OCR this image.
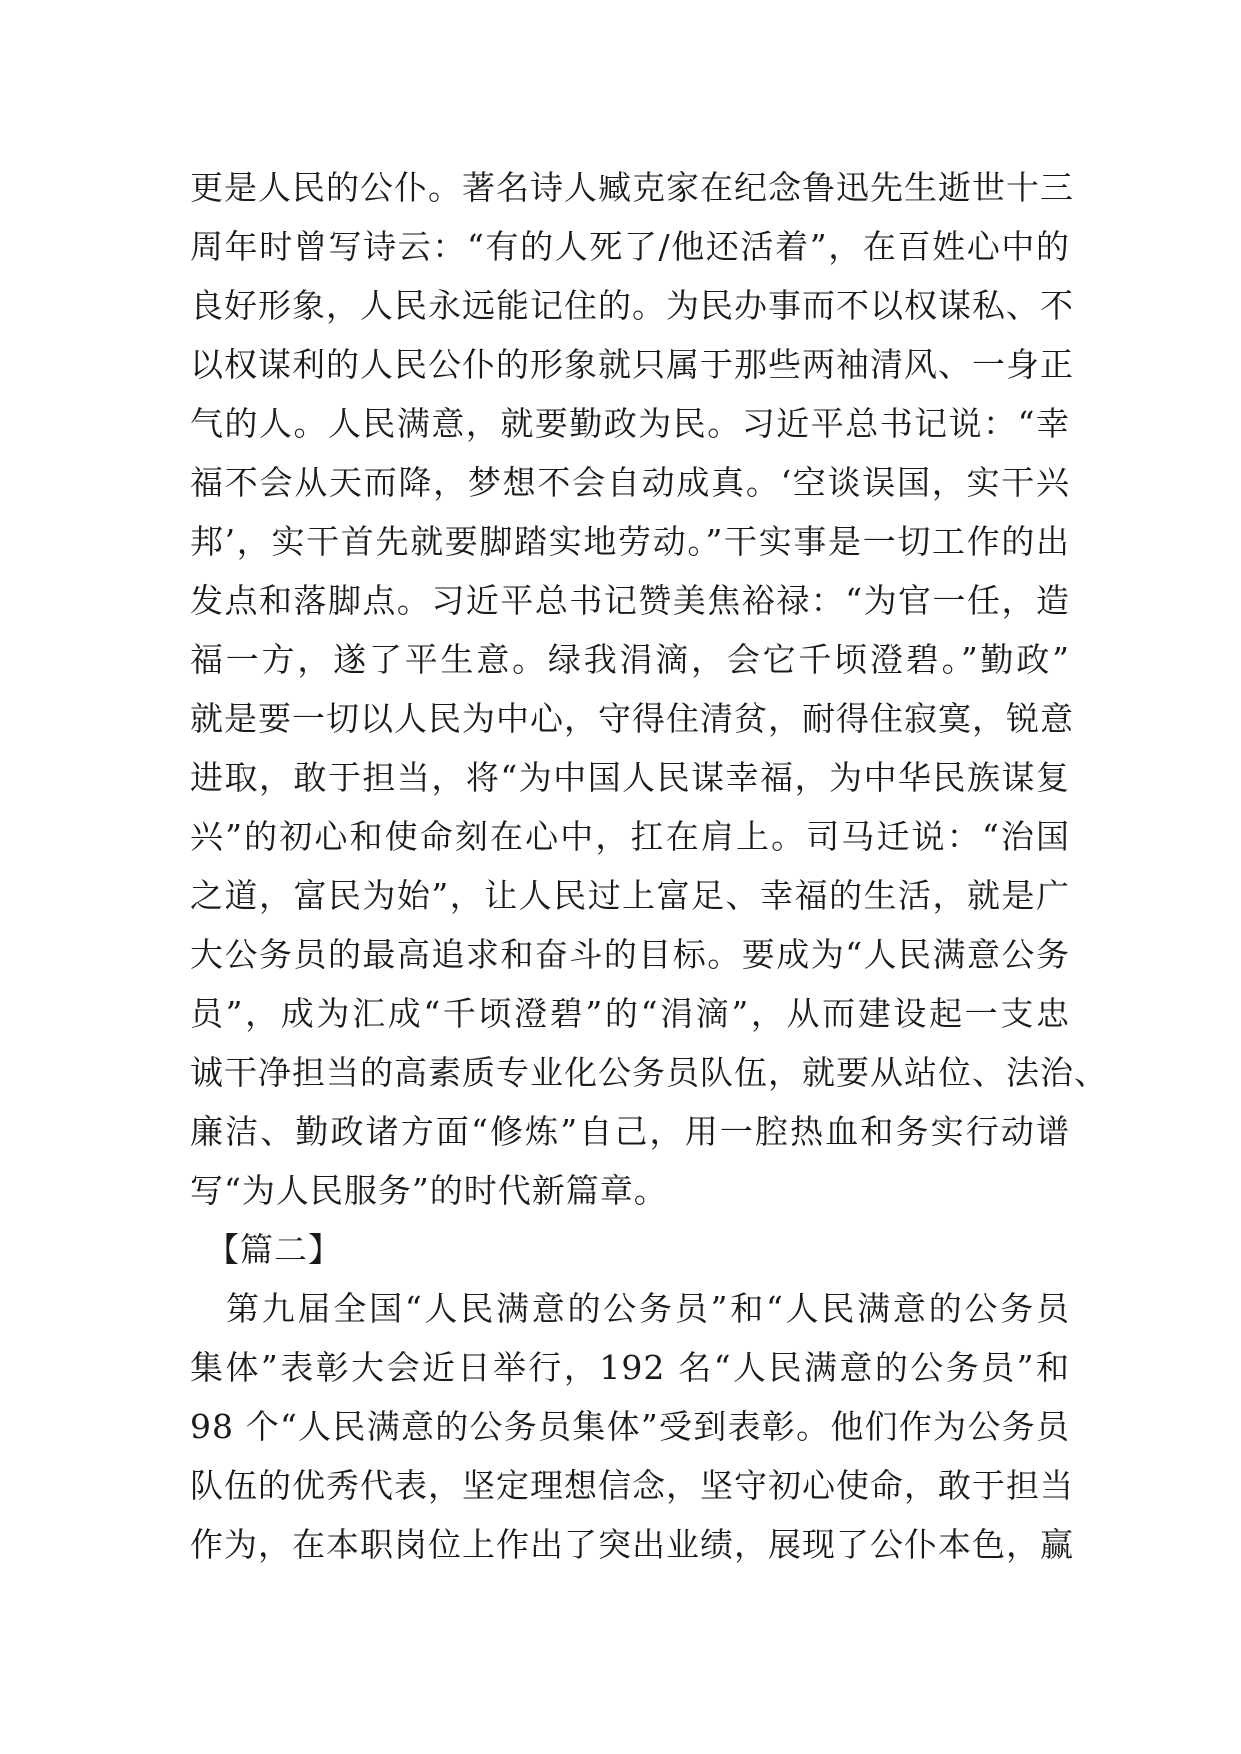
更是人民的公仆。著名诗人臧克家在纪念鲁迅先生逝世十三
周年时曾写诗云：“有的人死了/他还活着”，在百姓心中的
良好形象，人民永远能记住的。为民办事而不以权谋私、不
以权谋利的人民公仆的形象就只属于那些两袖清风、一身正
气的人。人民满意，就要勤政为民。习近平总书记说：“幸
福不会从天而降，梦想不会自动成真。‘空谈误国，实干兴
邦’，实干首先就要脚踏实地劳动。”干实事是一切工作的出
发点和落脚点。习近平总书记赞美焦裕禄：“为官一任，造
福一方，遂了平生意。绿我涓滴，会它千顷澄碧。”勤政”
就是要一切以人民为中心，守得住清贫，耐得住寂寞，锐意
进取，敢于担当，将“为中国人民谋幸福，为中华民族谋复
兴”的初心和使命刻在心中，扛在肩上。司马迁说：“治国
之道，富民为始”，让人民过上富足、幸福的生活，就是广
大公务员的最高追求和奋斗的目标。要成为“人民满意公务
员”，成为汇成“千顷澄碧”的“涓滴”，从而建设起一支忠
诚干净担当的高素质专业化公务员队伍，就要从站位、法治、
廉洁、勤政诸方面“修炼”自己，用一腔热血和务实行动谱
写“为人民服务”的时代新篇章。
【篇二】
第九届全国“人民满意的公务员”和“人民满意的公务员
集体”表彰大会近日举行，192 名“人民满意的公务员”和
98 个“人民满意的公务员集体”受到表彰。他们作为公务员
队伍的优秀代表，坚定理想信念，坚守初心使命，敢于担当
作为，在本职岗位上作出了突出业绩，展现了公仆本色，赢
